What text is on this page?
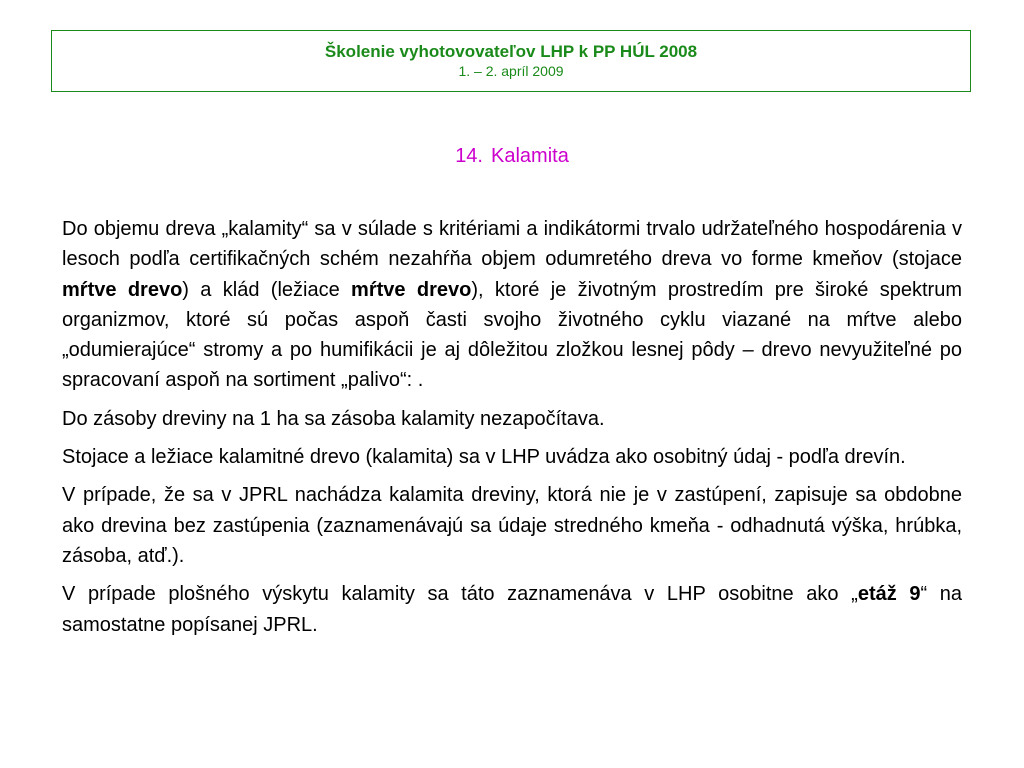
Školenie vyhotovovateľov LHP k PP HÚL 2008
1. – 2. apríl 2009
14. Kalamita

Do objemu dreva „kalamity“ sa v súlade s kritériami a indikátormi trvalo udržateľného hospodárenia v lesoch podľa certifikačných schém nezahŕňa objem odumretého dreva vo forme kmeňov (stojace mŕtve drevo) a klád (ležiace mŕtve drevo), ktoré je životným prostredím pre široké spektrum organizmov, ktoré sú počas aspoň časti svojho životného cyklu viazané na mŕtve alebo „odumierajúce“ stromy a po humifikácii je aj dôležitou zložkou lesnej pôdy – drevo nevyužiteľné po spracovaní aspoň na sortiment „palivo“: .

Do zásoby dreviny na 1 ha sa zásoba kalamity nezapočítava.

Stojace a ležiace kalamitné drevo (kalamita) sa v LHP uvádza ako osobitný údaj - podľa drevín.

V prípade, že sa v JPRL nachádza kalamita dreviny, ktorá nie je v zastúpení, zapisuje sa obdobne ako drevina bez zastúpenia (zaznamenávajú sa údaje stredného kmeňa - odhadnutá výška, hrúbka, zásoba, atď.).

V prípade plošného výskytu kalamity sa táto zaznamenáva v LHP osobitne ako „etáž 9“ na samostatne popísanej JPRL.
